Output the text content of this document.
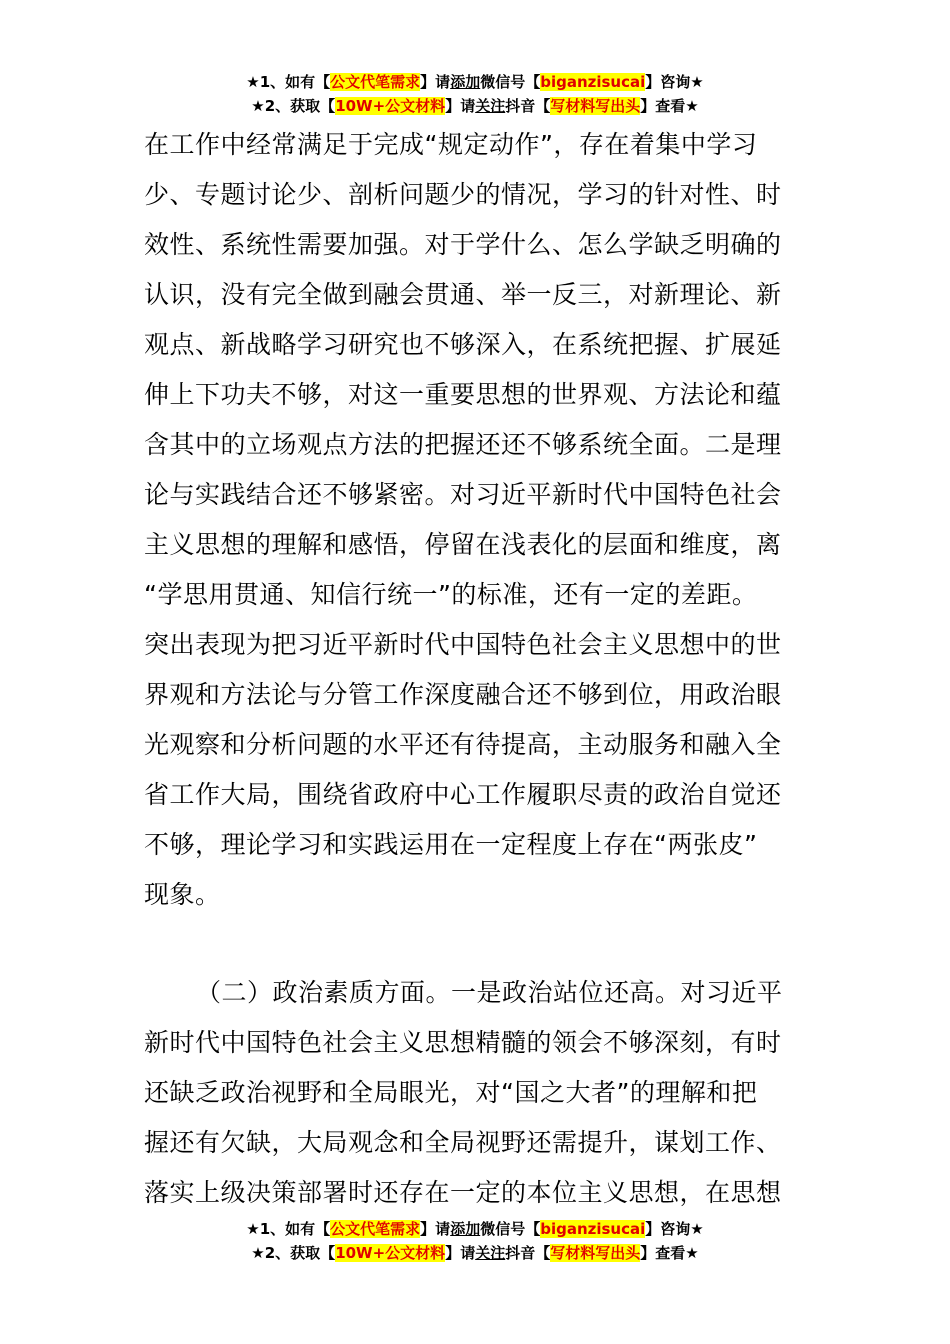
★1、如有【公文代笔需求】请添加微信号【biganzisucai】咨询★
★2、获取【10W+公文材料】请关注抖音【写材料写出头】查看★
在工作中经常满足于完成“规定动作”，存在着集中学习
少、专题讨论少、剖析问题少的情况，学习的针对性、时
效性、系统性需要加强。对于学什么、怎么学缺乏明确的
认识，没有完全做到融会贯通、举一反三，对新理论、新
观点、新战略学习研究也不够深入，在系统把握、扩展延
伸上下功夫不够，对这一重要思想的世界观、方法论和蕴
含其中的立场观点方法的把握还还不够系统全面。二是理
论与实践结合还不够紧密。对习近平新时代中国特色社会
主义思想的理解和感悟，停留在浅表化的层面和维度，离
“学思用贯通、知信行统一”的标准，还有一定的差距。
突出表现为把习近平新时代中国特色社会主义思想中的世
界观和方法论与分管工作深度融合还不够到位，用政治眼
光观察和分析问题的水平还有待提高，主动服务和融入全
省工作大局，围绕省政府中心工作履职尽责的政治自觉还
不够，理论学习和实践运用在一定程度上存在“两张皮”
现象。
（二）政治素质方面。一是政治站位还高。对习近平
新时代中国特色社会主义思想精髓的领会不够深刻，有时
还缺乏政治视野和全局眼光，对“国之大者”的理解和把
握还有欠缺，大局观念和全局视野还需提升，谋划工作、
落实上级决策部署时还存在一定的本位主义思想，在思想
★1、如有【公文代笔需求】请添加微信号【biganzisucai】咨询★
★2、获取【10W+公文材料】请关注抖音【写材料写出头】查看★
